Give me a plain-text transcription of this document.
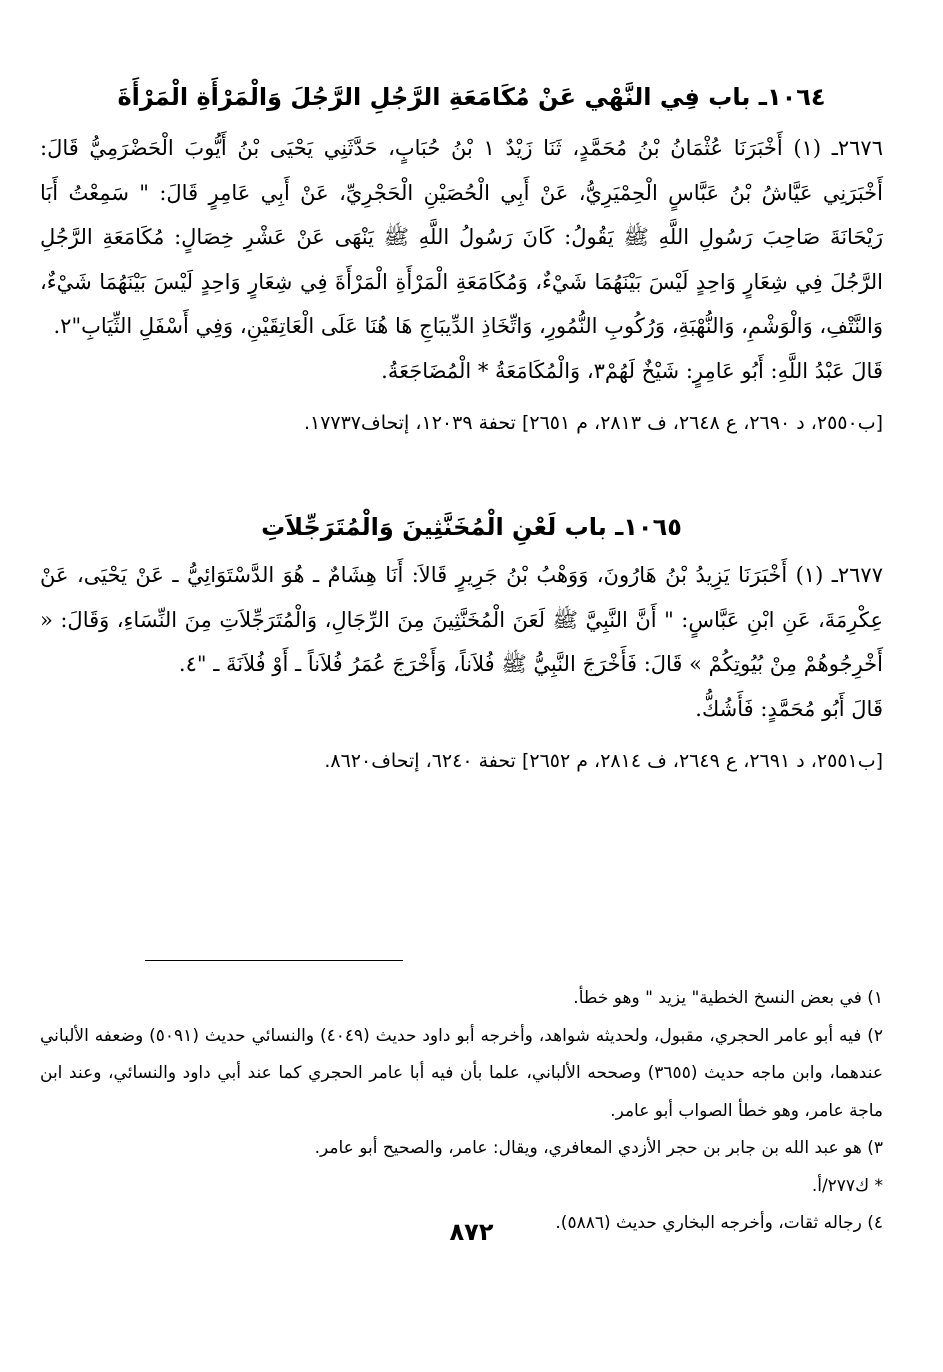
١٠٦٤ـ باب فِي النَّهْي عَنْ مُكَامَعَةِ الرَّجُلِ الرَّجُلَ وَالْمَرْأَةِ الْمَرْأَةَ
٢٦٧٦ـ (١) أَخْبَرَنَا عُثْمَانُ بْنُ مُحَمَّدٍ، ثَنَا زَيْدٌ ١ بْنُ حُبَابٍ، حَدَّثَنِي يَحْيَى بْنُ أَيُّوبَ الْحَضْرَمِيُّ قَالَ: أَخْبَرَنِي عَيَّاشُ بْنُ عَبَّاسٍ الْحِمْيَرِيُّ، عَنْ أَبِي الْحُصَيْنِ الْحَجْرِيِّ، عَنْ أَبِي عَامِرٍ قَالَ: " سَمِعْتُ أَبَا رَيْحَانَةَ صَاحِبَ رَسُولِ اللَّهِ ﷺ يَقُولُ: كَانَ رَسُولُ اللَّهِ ﷺ يَنْهَى عَنْ عَشْرِ خِصَالٍ: مُكَامَعَةِ الرَّجُلِ الرَّجُلَ فِي شِعَارٍ وَاحِدٍ لَيْسَ بَيْنَهُمَا شَيْءٌ، وَمُكَامَعَةِ الْمَرْأَةِ الْمَرْأَةَ فِي شِعَارٍ وَاحِدٍ لَيْسَ بَيْنَهُمَا شَيْءٌ، وَالنَّتْفِ، وَالْوَشْمِ، وَالنُّهْبَةِ، وَرُكُوبِ النُّمُورِ، وَاتِّخَاذِ الدِّيبَاجِ هَا هُنَا عَلَى الْعَاتِقَيْنِ، وَفِي أَسْفَلِ الثِّيَابِ"٢.
قَالَ عَبْدُ اللَّهِ: أَبُو عَامِرٍ: شَيْخٌ لَهُمْ٣، وَالْمُكَامَعَةُ * الْمُضَاجَعَةُ.
[ب٢٥٥٠، د ٢٦٩٠، ع ٢٦٤٨، ف ٢٨١٣، م ٢٦٥١] تحفة ١٢٠٣٩، إتحاف١٧٧٣٧.
١٠٦٥ـ باب لَعْنِ الْمُخَنَّثِينَ وَالْمُتَرَجِّلاَتِ
٢٦٧٧ـ (١) أَخْبَرَنَا يَزِيدُ بْنُ هَارُونَ، وَوَهْبُ بْنُ جَرِيرٍ قَالاَ: أَنَا هِشَامٌ ـ هُوَ الدَّسْتَوَائِيُّ ـ عَنْ يَحْيَى، عَنْ عِكْرِمَةَ، عَنِ ابْنِ عَبَّاسٍ: " أَنَّ النَّبِيَّ ﷺ لَعَنَ الْمُخَنَّثِينَ مِنَ الرِّجَالِ، وَالْمُتَرَجِّلاَتِ مِنَ النِّسَاءِ، وَقَالَ: « أَخْرِجُوهُمْ مِنْ بُيُوتِكُمْ » قَالَ: فَأَخْرَجَ النَّبِيُّ ﷺ فُلاَناً، وَأَخْرَجَ عُمَرُ فُلاَناً ـ أَوْ فُلاَنَةَ ـ "٤.
قَالَ أَبُو مُحَمَّدٍ: فَأَشُكُّ.
[ب٢٥٥١، د ٢٦٩١، ع ٢٦٤٩، ف ٢٨١٤، م ٢٦٥٢] تحفة ٦٢٤٠، إتحاف٨٦٢٠.
١) في بعض النسخ الخطية" يزيد " وهو خطأ.
٢) فيه أبو عامر الحجري، مقبول، ولحديثه شواهد، وأخرجه أبو داود حديث (٤٠٤٩) والنسائي حديث (٥٠٩١) وضعفه الألباني عندهما، وابن ماجه حديث (٣٦٥٥) وصححه الألباني، علما بأن فيه أبا عامر الحجري كما عند أبي داود والنسائي، وعند ابن ماجة عامر، وهو خطأ الصواب أبو عامر.
٣) هو عبد الله بن جابر بن حجر الأزدي المعافري، ويقال: عامر، والصحيح أبو عامر.
* ك٢٧٧/أ.
٤) رجاله ثقات، وأخرجه البخاري حديث (٥٨٨٦).
٨٧٢
